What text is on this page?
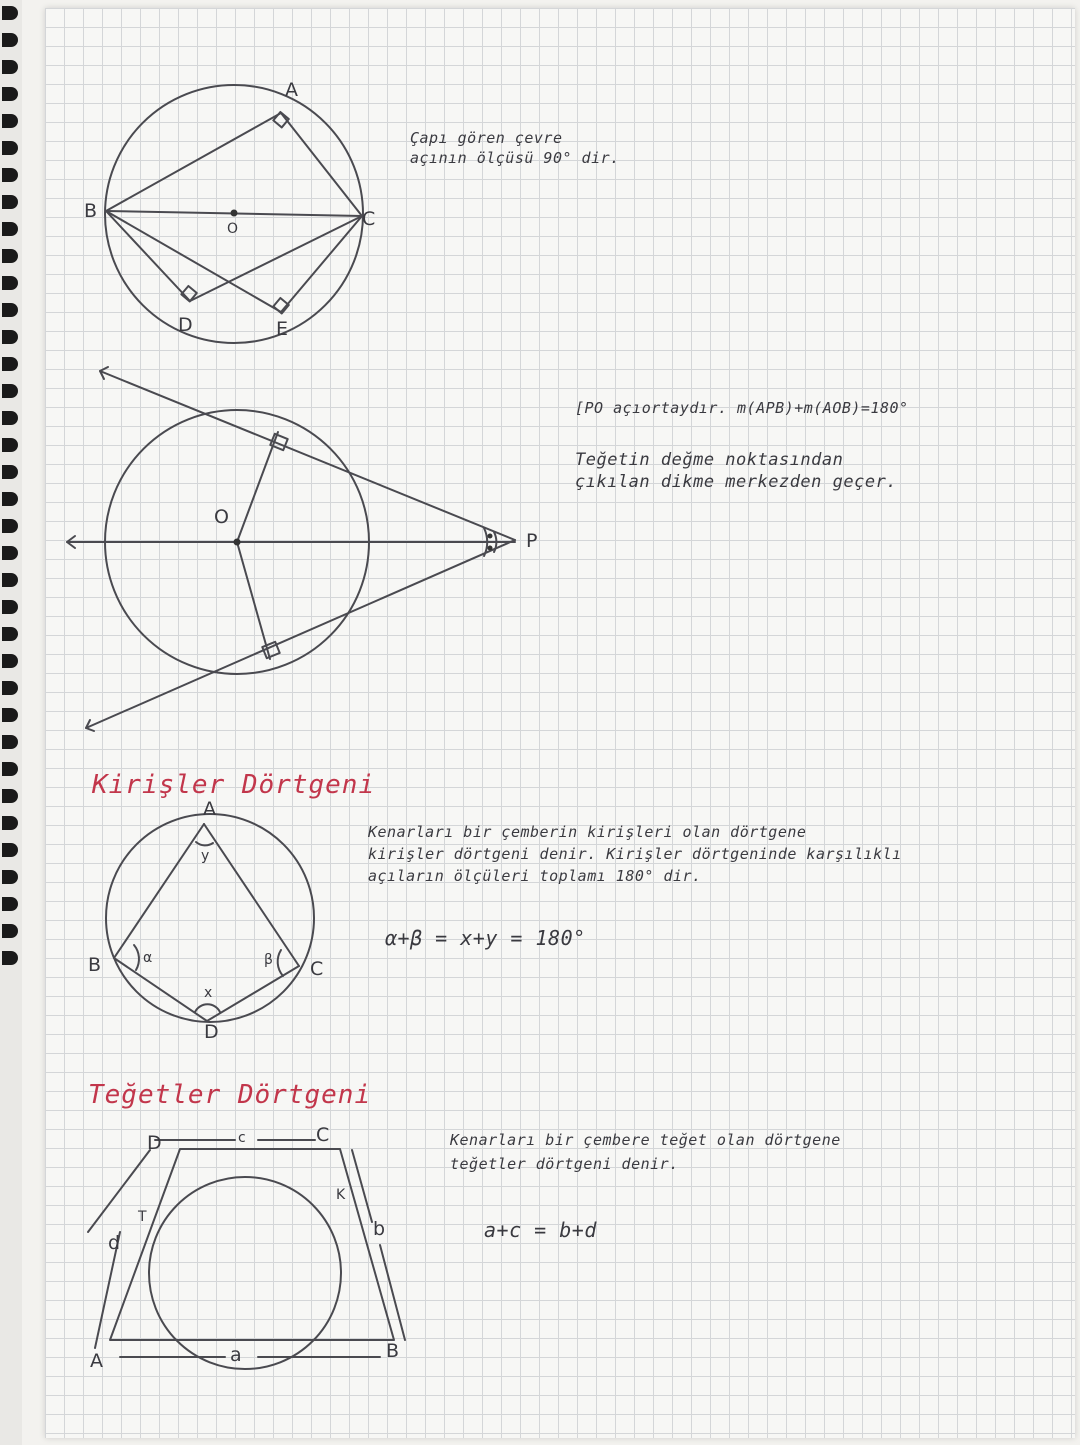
A
B	C
O
D	E
Çapı gören çevre
açının ölçüsü 90° dir.
O
P
[PO açıortaydır. m(APB)+m(AOB)=180°
Teğetin değme noktasından
çıkılan dikme merkezden geçer.
Kirişler Dörtgeni
A
B	C
D
α	β
x
y
Kenarları bir çemberin kirişleri olan dörtgene
kirişler dörtgeni denir. Kirişler dörtgeninde karşılıklı
açıların ölçüleri toplamı 180° dir.
α+β = x+y = 180°
Teğetler Dörtgeni
D	C
A	B
c
a
b
d
T
K
Kenarları bir çembere teğet olan dörtgene
teğetler dörtgeni denir.
a+c = b+d
